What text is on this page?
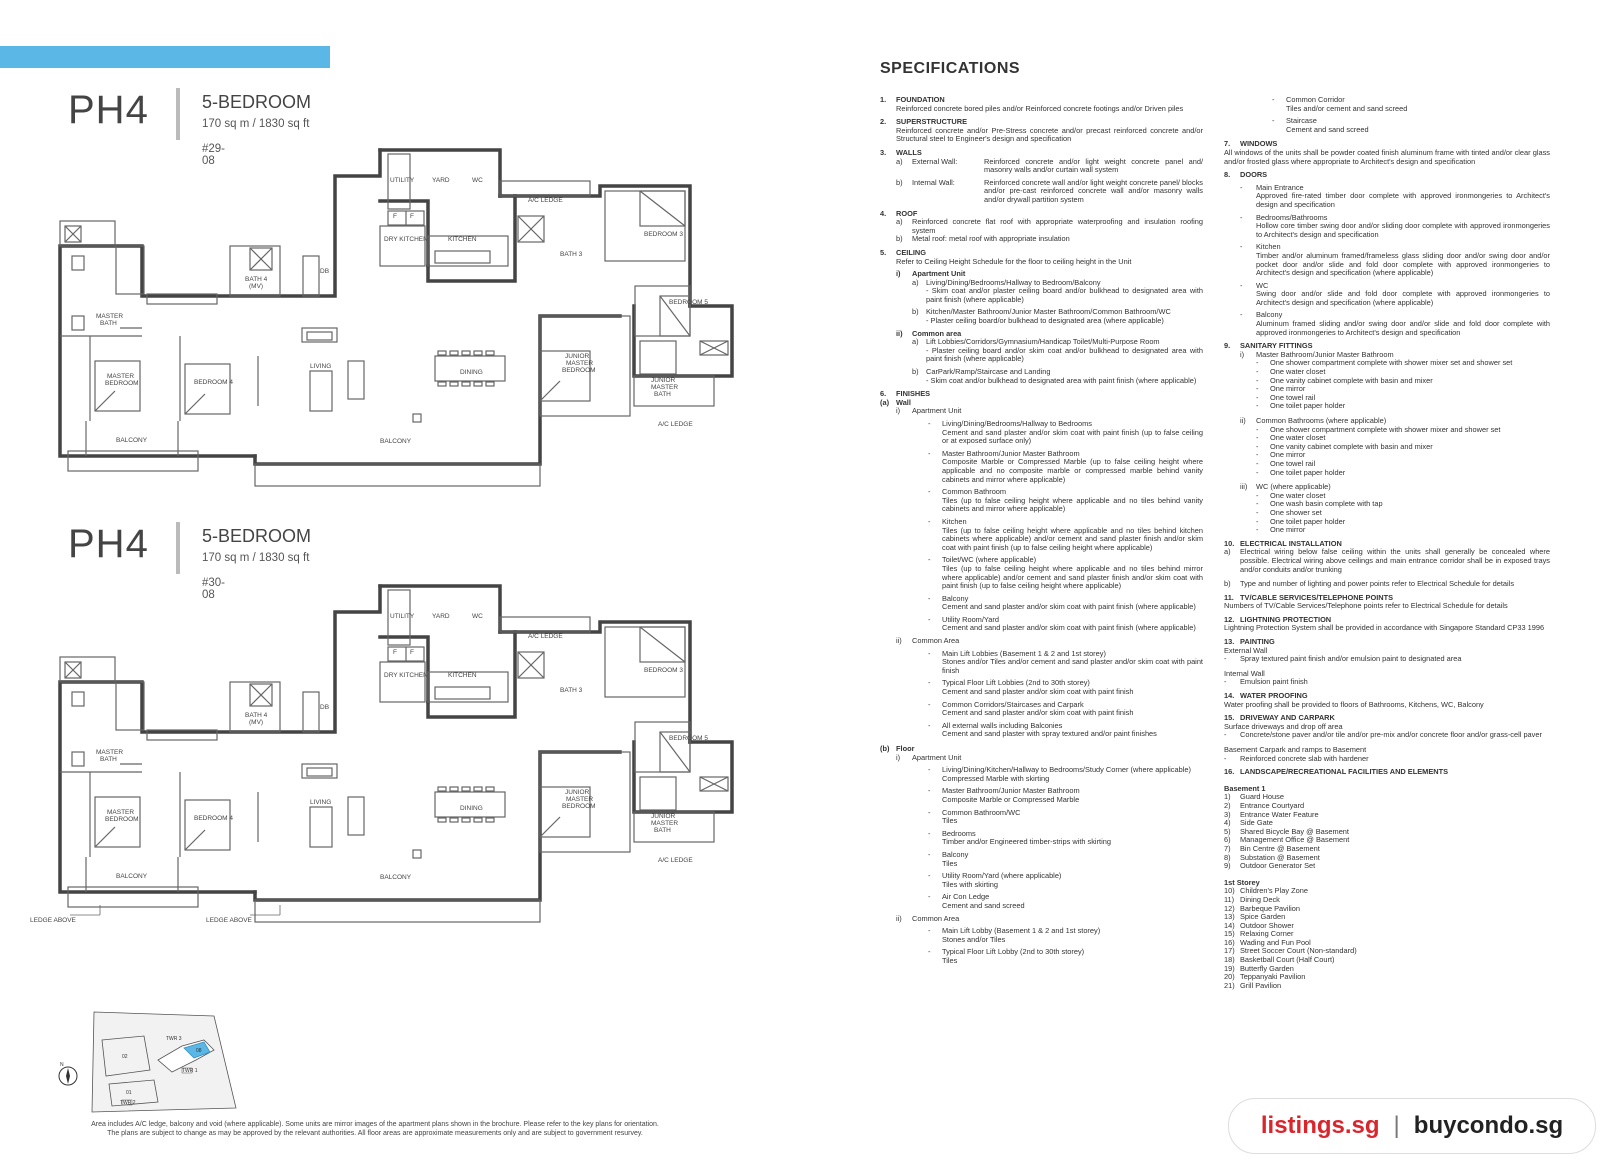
PH4	5-BEDROOM
170 sq m / 1830 sq ft
#29-08
PH4	5-BEDROOM
170 sq m / 1830 sq ft
#30-08
UTILITY	YARD	WC
A/C LEDGE
BEDROOM 3
DRY KITCHEN	KITCHEN
BATH 3
F F
BATH 4
(MV)
DB
MASTER
BATH
BEDROOM 5
MASTER
BEDROOM	BEDROOM 4
LIVING
DINING
JUNIOR
MASTER
BEDROOM
JUNIOR
MASTER
BATH
A/C LEDGE
BALCONY	BALCONY
UTILITY	YARD	WC
A/C LEDGE
BEDROOM 3
DRY KITCHEN	KITCHEN
BATH 3
F F
BATH 4
(MV)
DB
MASTER
BATH
BEDROOM 5
MASTER
BEDROOM	BEDROOM 4
LIVING
DINING
JUNIOR
MASTER
BEDROOM
JUNIOR
MASTER
BATH
A/C LEDGE
BALCONY	BALCONY
LEDGE ABOVE	LEDGE ABOVE
02
01
08
TWR 1
TWR 2
TWR 3
N
Area includes A/C ledge, balcony and void (where applicable). Some units are mirror images of the apartment plans shown in the brochure. Please refer to the key plans for orientation.
The plans are subject to change as may be approved by the relevant authorities. All floor areas are approximate measurements only and are subject to government resurvey.
SPECIFICATIONS
1.	FOUNDATION
Reinforced concrete bored piles and/or Reinforced concrete footings and/or Driven piles
2.	SUPERSTRUCTURE
Reinforced concrete and/or Pre-Stress concrete and/or precast reinforced concrete and/or Structural steel to Engineer's design and specification
3.	WALLS
a)	External Wall:	Reinforced concrete and/or light weight concrete panel and/ masonry walls and/or curtain wall system
b)	Internal Wall:	Reinforced concrete wall and/or light weight concrete panel/ blocks and/or pre-cast reinforced concrete wall and/or masonry walls and/or drywall partition system
4.	ROOF
a)	Reinforced concrete flat roof with appropriate waterproofing and insulation roofing system
b)	Metal roof: metal roof with appropriate insulation
5.	CEILING
Refer to Ceiling Height Schedule for the floor to ceiling height in the Unit
i)	Apartment Unit
a)	Living/Dining/Bedrooms/Hallway to Bedroom/Balcony
- Skim coat and/or plaster ceiling board and/or bulkhead to designated area with paint finish (where applicable)
b)	Kitchen/Master Bathroom/Junior Master Bathroom/Common Bathroom/WC
- Plaster ceiling board/or bulkhead to designated area (where applicable)
ii)	Common area
a)	Lift Lobbies/Corridors/Gymnasium/Handicap Toilet/Multi-Purpose Room
- Plaster ceiling board and/or skim coat and/or bulkhead to designated area with paint finish (where applicable)
b)	CarPark/Ramp/Staircase and Landing
- Skim coat and/or bulkhead to designated area with paint finish (where applicable)
6.	FINISHES
(a) Wall
i)	Apartment Unit
-	Living/Dining/Bedrooms/Hallway to Bedrooms
Cement and sand plaster and/or skim coat with paint finish (up to false ceiling or at exposed surface only)
-	Master Bathroom/Junior Master Bathroom
Composite Marble or Compressed Marble (up to false ceiling height where applicable and no composite marble or compressed marble behind vanity cabinets and mirror where applicable)
-	Common Bathroom
Tiles (up to false ceiling height where applicable and no tiles behind vanity cabinets and mirror where applicable)
-	Kitchen
Tiles (up to false ceiling height where applicable and no tiles behind kitchen cabinets where applicable) and/or cement and sand plaster finish and/or skim coat with paint finish (up to false ceiling height where applicable)
-	Toilet/WC (where applicable)
Tiles (up to false ceiling height where applicable and no tiles behind mirror where applicable) and/or cement and sand plaster finish and/or skim coat with paint finish (up to false ceiling height where applicable)
-	Balcony
Cement and sand plaster and/or skim coat with paint finish (where applicable)
-	Utility Room/Yard
Cement and sand plaster and/or skim coat with paint finish (where applicable)
ii)	Common Area
-	Main Lift Lobbies (Basement 1 & 2 and 1st storey)
Stones and/or Tiles and/or cement and sand plaster and/or skim coat with paint finish
-	Typical Floor Lift Lobbies (2nd to 30th storey)
Cement and sand plaster and/or skim coat with paint finish
-	Common Corridors/Staircases and Carpark
Cement and sand plaster and/or skim coat with paint finish
-	All external walls including Balconies
Cement and sand plaster with spray textured and/or paint finishes
(b) Floor
i)	Apartment Unit
-	Living/Dining/Kitchen/Hallway to Bedrooms/Study Corner (where applicable)
Compressed Marble with skirting
-	Master Bathroom/Junior Master Bathroom
Composite Marble or Compressed Marble
-	Common Bathroom/WC
Tiles
-	Bedrooms
Timber and/or Engineered timber-strips with skirting
-	Balcony
Tiles
-	Utility Room/Yard (where applicable)
Tiles with skirting
-	Air Con Ledge
Cement and sand screed
ii)	Common Area
-	Main Lift Lobby (Basement 1 & 2 and 1st storey)
Stones and/or Tiles
-	Typical Floor Lift Lobby (2nd to 30th storey)
Tiles
-	Common Corridor
Tiles and/or cement and sand screed
-	Staircase
Cement and sand screed
7.	WINDOWS
All windows of the units shall be powder coated finish aluminum frame with tinted and/or clear glass and/or frosted glass where appropriate to Architect's design and specification
8.	DOORS
-	Main Entrance
Approved fire-rated timber door complete with approved ironmongeries to Architect's design and specification
-	Bedrooms/Bathrooms
Hollow core timber swing door and/or sliding door complete with approved ironmongeries to Architect's design and specification
-	Kitchen
Timber and/or aluminum framed/frameless glass sliding door and/or swing door and/or pocket door and/or slide and fold door complete with approved ironmongeries to Architect's design and specification (where applicable)
-	WC
Swing door and/or slide and fold door complete with approved ironmongeries to Architect's design and specification (where applicable)
-	Balcony
Aluminum framed sliding and/or swing door and/or slide and fold door complete with approved ironmongeries to Architect's design and specification
9.	SANITARY FITTINGS
i)	Master Bathroom/Junior Master Bathroom
-	One shower compartment complete with shower mixer set and shower set
-	One water closet
-	One vanity cabinet complete with basin and mixer
-	One mirror
-	One towel rail
-	One toilet paper holder
ii)	Common Bathrooms (where applicable)
-	One shower compartment complete with shower mixer and shower set
-	One water closet
-	One vanity cabinet complete with basin and mixer
-	One mirror
-	One towel rail
-	One toilet paper holder
iii)	WC (where applicable)
-	One water closet
-	One wash basin complete with tap
-	One shower set
-	One toilet paper holder
-	One mirror
10. ELECTRICAL INSTALLATION
a)	Electrical wiring below false ceiling within the units shall generally be concealed where possible. Electrical wiring above ceilings and main entrance corridor shall be in exposed trays and/or conduits and/or trunking
b)	Type and number of lighting and power points refer to Electrical Schedule for details
11. TV/CABLE SERVICES/TELEPHONE POINTS
Numbers of TV/Cable Services/Telephone points refer to Electrical Schedule for details
12. LIGHTNING PROTECTION
Lightning Protection System shall be provided in accordance with Singapore Standard CP33 1996
13. PAINTING
External Wall
-	Spray textured paint finish and/or emulsion paint to designated area
Internal Wall
-	Emulsion paint finish
14. WATER PROOFING
Water proofing shall be provided to floors of Bathrooms, Kitchens, WC, Balcony
15. DRIVEWAY AND CARPARK
Surface driveways and drop off area
-	Concrete/stone paver and/or tile and/or pre-mix and/or concrete floor and/or grass-cell paver
Basement Carpark and ramps to Basement
-	Reinforced concrete slab with hardener
16. LANDSCAPE/RECREATIONAL FACILITIES AND ELEMENTS
Basement 1
1)	Guard House
2)	Entrance Courtyard
3)	Entrance Water Feature
4)	Side Gate
5)	Shared Bicycle Bay @ Basement
6)	Management Office @ Basement
7)	Bin Centre @ Basement
8)	Substation @ Basement
9)	Outdoor Generator Set
1st Storey
10) Children's Play Zone
11) Dining Deck
12) Barbeque Pavilion
13) Spice Garden
14) Outdoor Shower
15) Relaxing Corner
16) Wading and Fun Pool
17) Street Soccer Court (Non-standard)
18) Basketball Court (Half Court)
19) Butterfly Garden
20) Teppanyaki Pavilion
21) Grill Pavilion
listings.sg | buycondo.sg
